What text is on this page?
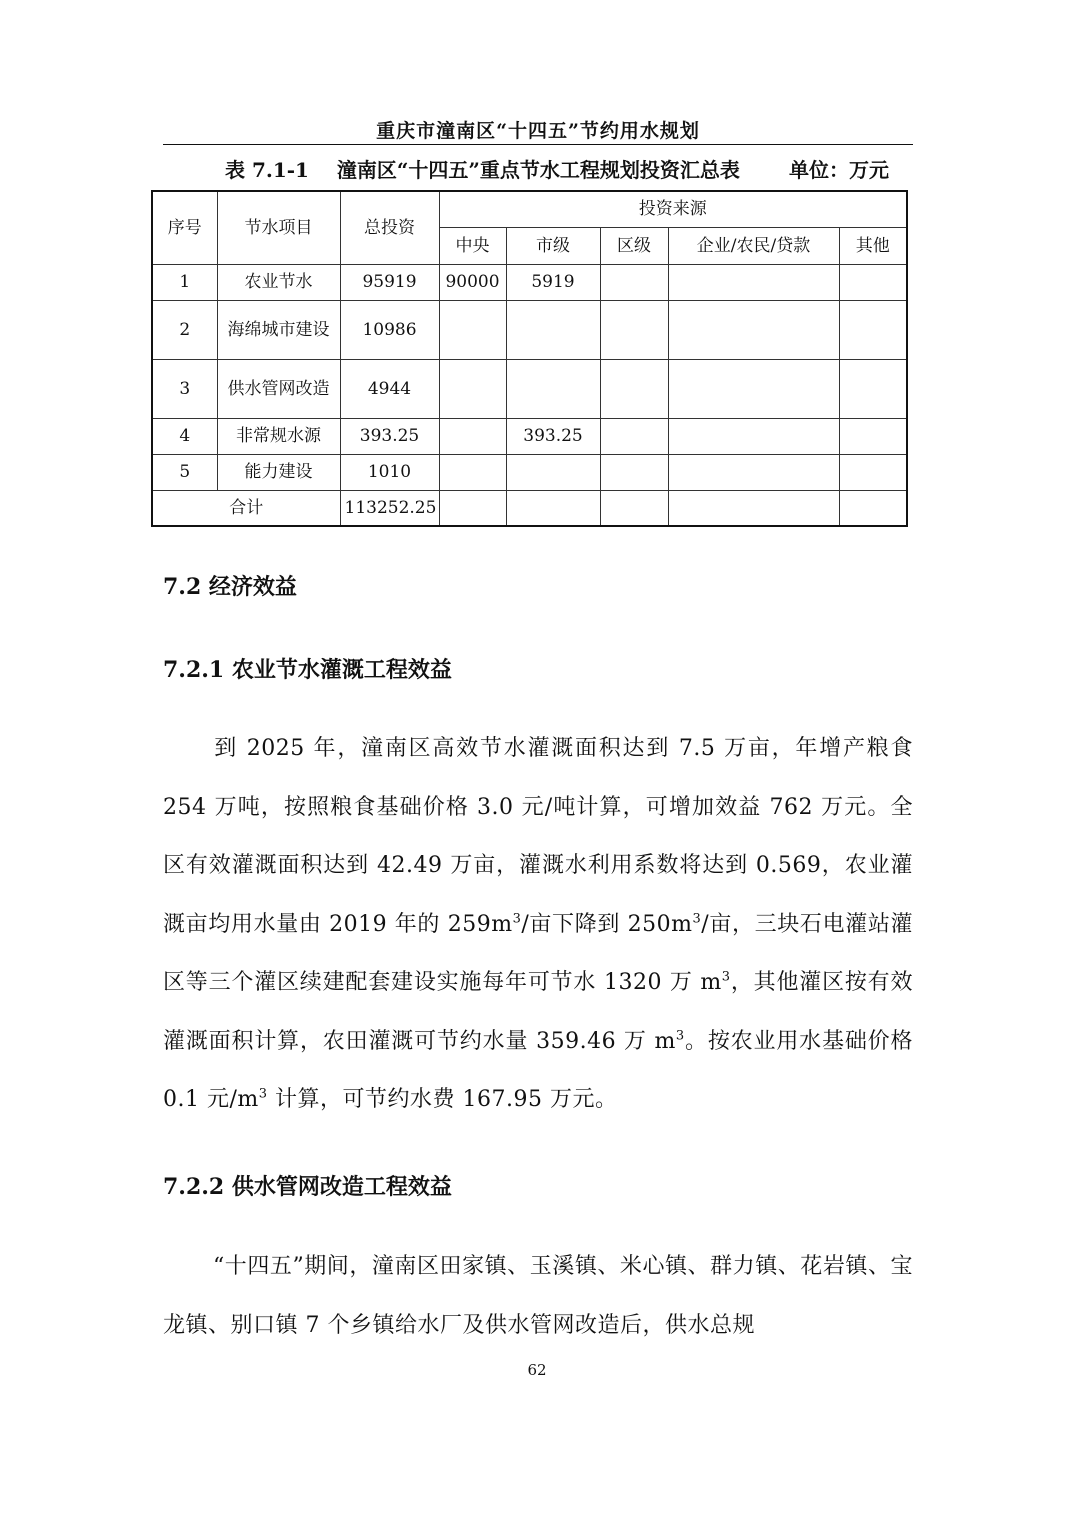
重庆市潼南区“十四五”节约用水规划
表 7.1-1 潼南区“十四五”重点节水工程规划投资汇总表 单位：万元
序号	节水项目	总投资	投资来源				
			中央	市级	区级	企业/农民/贷款	其他
1	农业节水	95919	90000	5919			
2	海绵城市建设	10986					
3	供水管网改造	4944					
4	非常规水源	393.25		393.25			
5	能力建设	1010					
合计		113252.25					
7.2 经济效益
7.2.1 农业节水灌溉工程效益
到 2025 年，潼南区高效节水灌溉面积达到 7.5 万亩，年增产粮食 254 万吨，按照粮食基础价格 3.0 元/吨计算，可增加效益 762 万元。全区有效灌溉面积达到 42.49 万亩，灌溉水利用系数将达到 0.569，农业灌溉亩均用水量由 2019 年的 $259m^3/$亩下降到 $250m^3/$亩，三块石电灌站灌区等三个灌区续建配套建设实施每年可节水 1320 万 $m^3$，其他灌区按有效灌溉面积计算，农田灌溉可节约水量 359.46 万 $m^3$。按农业用水基础价格 0.1 元$/m^3$ 计算，可节约水费 167.95 万元。
7.2.2 供水管网改造工程效益
“十四五”期间，潼南区田家镇、玉溪镇、米心镇、群力镇、花岩镇、宝龙镇、别口镇 7 个乡镇给水厂及供水管网改造后，供水总规
62
